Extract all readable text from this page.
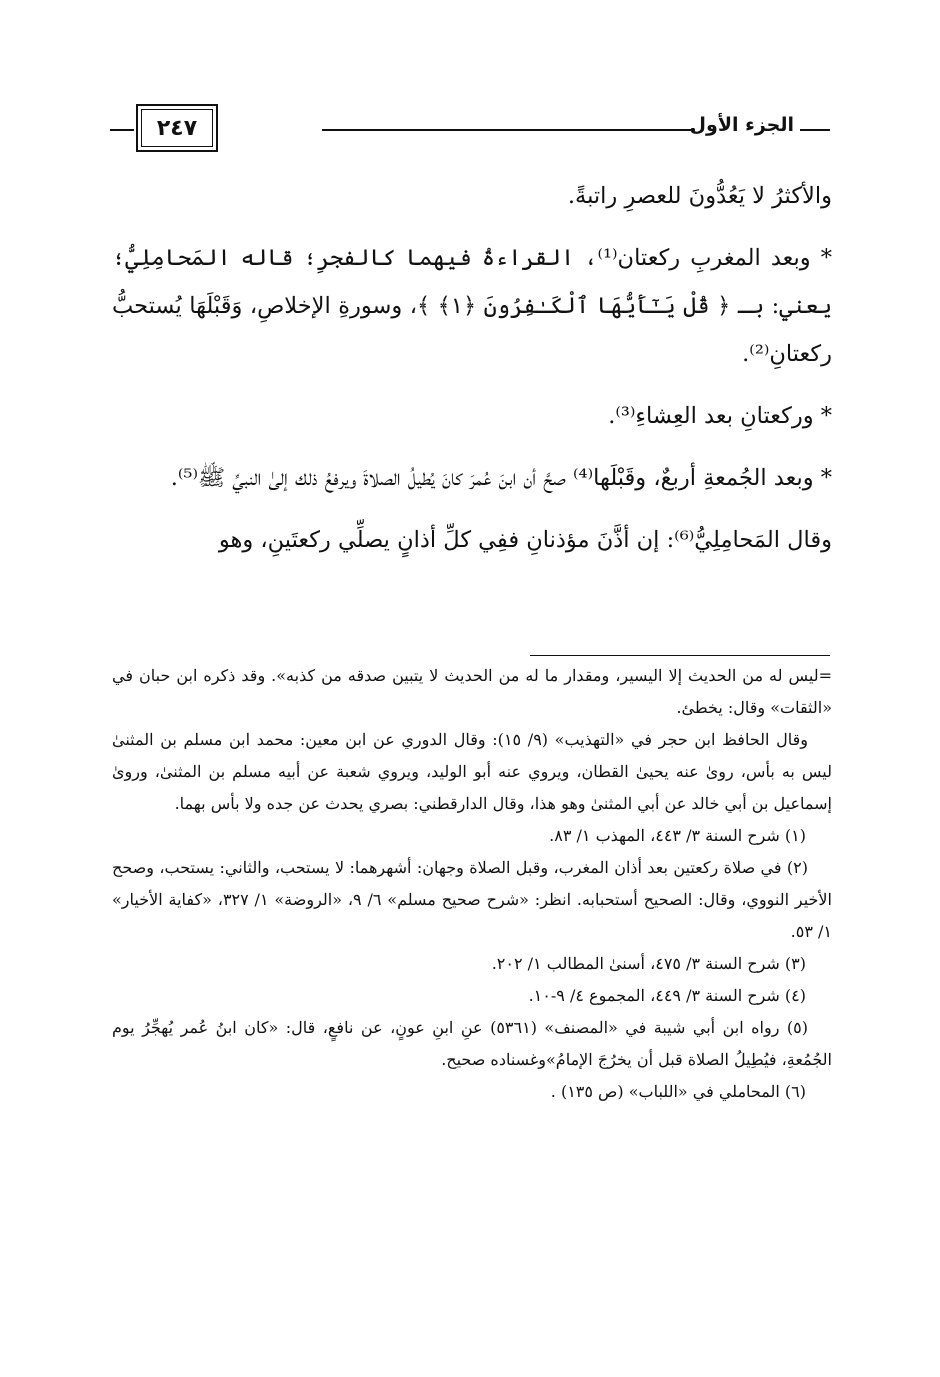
الجزء الأول
٢٤٧

والأكثرُ لا يَعُدُّونَ للعصرِ راتبةً.

* وبعد المغربِ ركعتان⁽¹⁾، القراءةُ فيهما كالفجرِ؛ قاله المَحامِلِيُّ؛ يعني: بـ ﴿ قُلْ يَـٰٓأَيُّهَا ٱلْكَـٰفِرُونَ ﴿١﴾ ﴾، وسورةِ الإخلاصِ، وَقَبْلَهَا يُستحبُّ ركعتانِ⁽²⁾.

* وركعتانِ بعد العِشاءِ⁽³⁾.

* وبعد الجُمعةِ أربعٌ، وقَبْلَها⁽⁴⁾ صحَّ أن ابنَ عُمرَ كانَ يُطيلُ الصلاةَ ويرفعُ ذلك إلىٰ النبيِّ ﷺ⁽⁵⁾.

وقال المَحامِلِيُّ⁽⁶⁾: إن أذَّنَ مؤذنانِ ففِي كلِّ أذانٍ يصلِّي ركعتَينِ، وهو

=ليس له من الحديث إلا اليسير، ومقدار ما له من الحديث لا يتبين صدقه من كذبه». وقد ذكره ابن حبان في «الثقات» وقال: يخطئ.

وقال الحافظ ابن حجر في «التهذيب» (٩/ ١٥): وقال الدوري عن ابن معين: محمد ابن مسلم بن المثنىٰ ليس به بأس، روىٰ عنه يحيىٰ القطان، ويروي عنه أبو الوليد، ويروي شعبة عن أبيه مسلم بن المثنىٰ، وروىٰ إسماعيل بن أبي خالد عن أبي المثنىٰ وهو هذا، وقال الدارقطني: بصري يحدث عن جده ولا بأس بهما.

(١) شرح السنة ٣/ ٤٤٣، المهذب ١/ ٨٣.

(٢) في صلاة ركعتين بعد أذان المغرب، وقبل الصلاة وجهان: أشهرهما: لا يستحب، والثاني: يستحب، وصحح الأخير النووي، وقال: الصحيح أستحبابه. انظر: «شرح صحيح مسلم» ٦/ ٩، «الروضة» ١/ ٣٢٧، «كفاية الأخيار» ١/ ٥٣.

(٣) شرح السنة ٣/ ٤٧٥، أسنىٰ المطالب ١/ ٢٠٢.

(٤) شرح السنة ٣/ ٤٤٩، المجموع ٤/ ٩-١٠.

(٥) رواه ابن أبي شيبة في «المصنف» (٥٣٦١) عنِ ابنِ عونٍ، عن نافعٍ، قال: «كان ابنُ عُمر يُهجِّرُ يوم الجُمُعةِ، فيُطِيلُ الصلاة قبل أن يخرُجَ الإمامُ»وغسناده صحيح.

(٦) المحاملي في «اللباب» (ص ١٣٥) .
